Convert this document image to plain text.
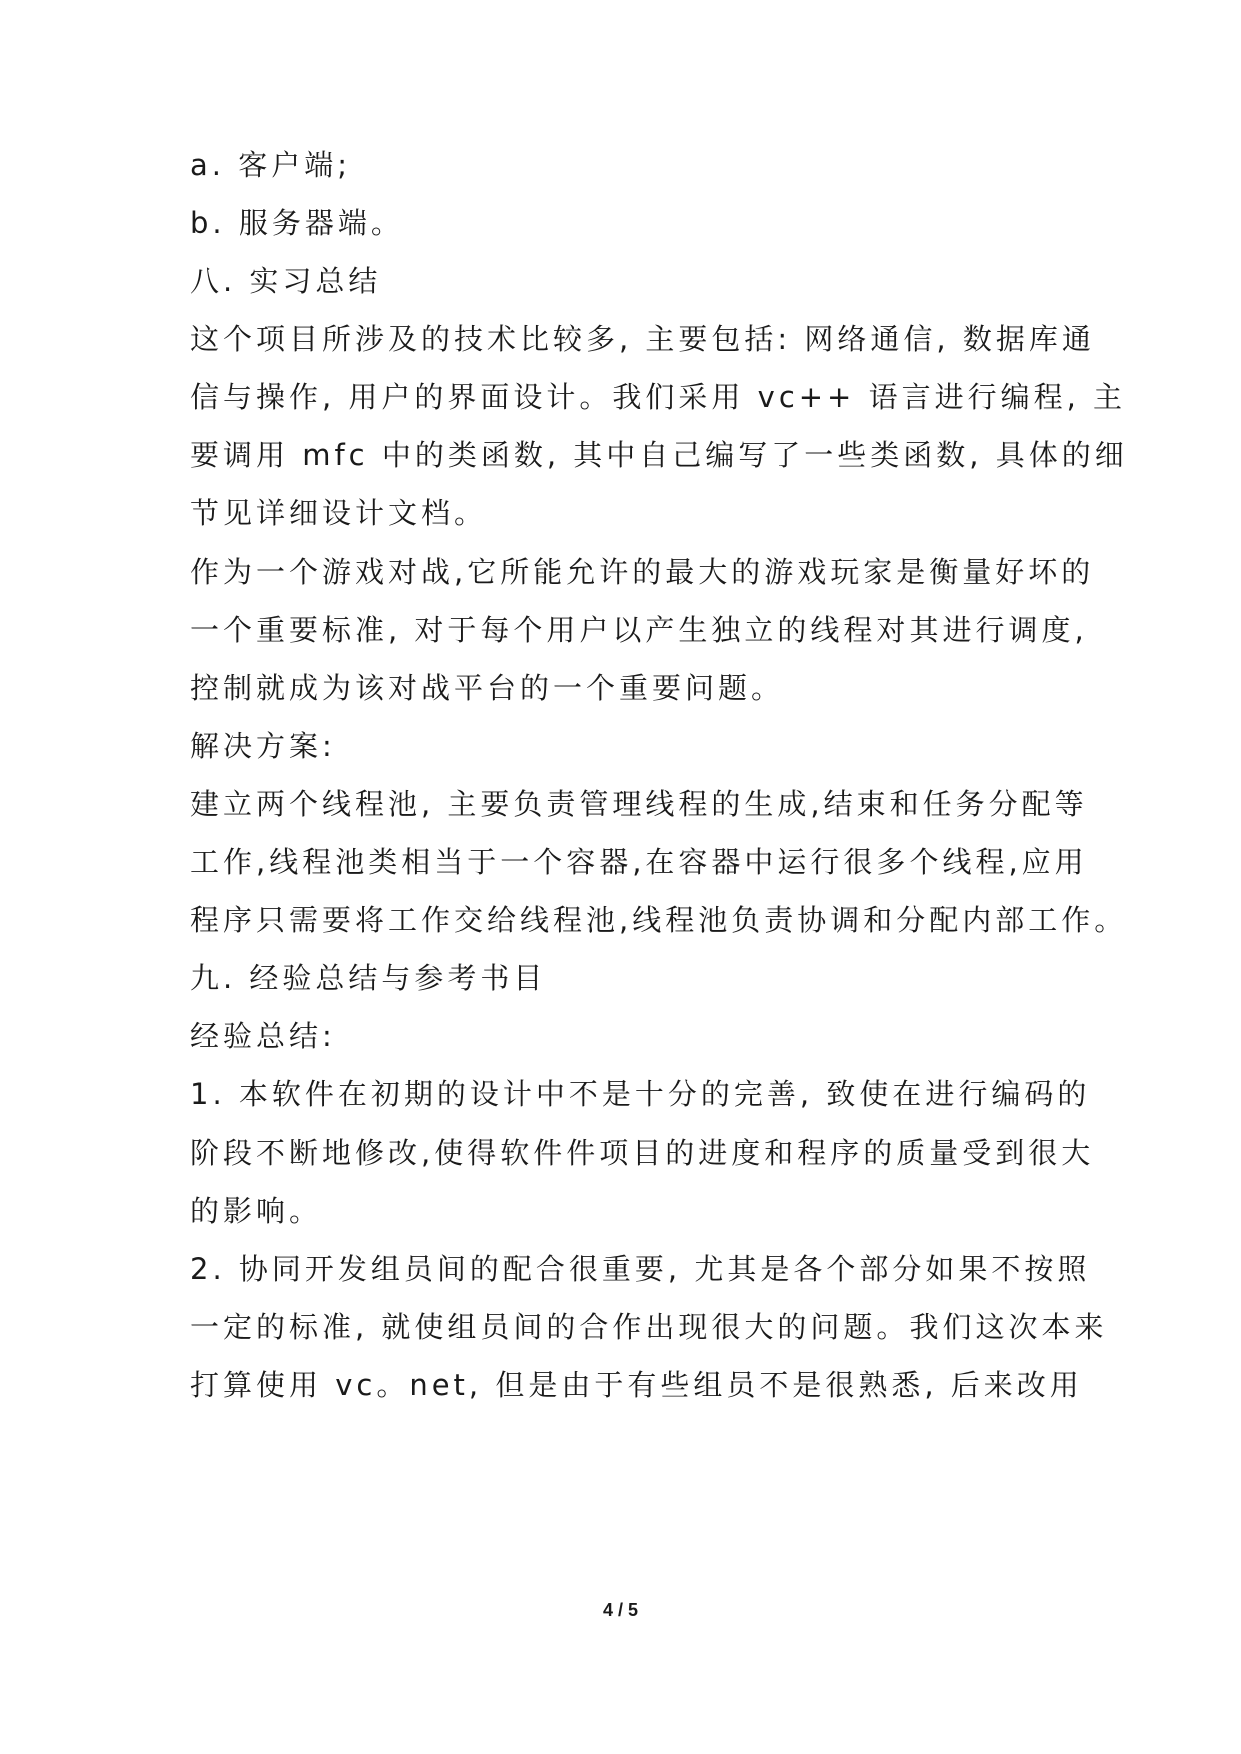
a. 客户端;
b. 服务器端。
八. 实习总结
这个项目所涉及的技术比较多, 主要包括: 网络通信, 数据库通
信与操作, 用户的界面设计。我们采用 vc++ 语言进行编程, 主
要调用 mfc 中的类函数, 其中自己编写了一些类函数, 具体的细
节见详细设计文档。
作为一个游戏对战,它所能允许的最大的游戏玩家是衡量好坏的
一个重要标准, 对于每个用户以产生独立的线程对其进行调度,
控制就成为该对战平台的一个重要问题。
解决方案:
建立两个线程池, 主要负责管理线程的生成,结束和任务分配等
工作,线程池类相当于一个容器,在容器中运行很多个线程,应用
程序只需要将工作交给线程池,线程池负责协调和分配内部工作。
九. 经验总结与参考书目
经验总结:
1. 本软件在初期的设计中不是十分的完善, 致使在进行编码的
阶段不断地修改,使得软件件项目的进度和程序的质量受到很大
的影响。
2. 协同开发组员间的配合很重要, 尤其是各个部分如果不按照
一定的标准, 就使组员间的合作出现很大的问题。我们这次本来
打算使用 vc。net, 但是由于有些组员不是很熟悉, 后来改用
4 / 5
